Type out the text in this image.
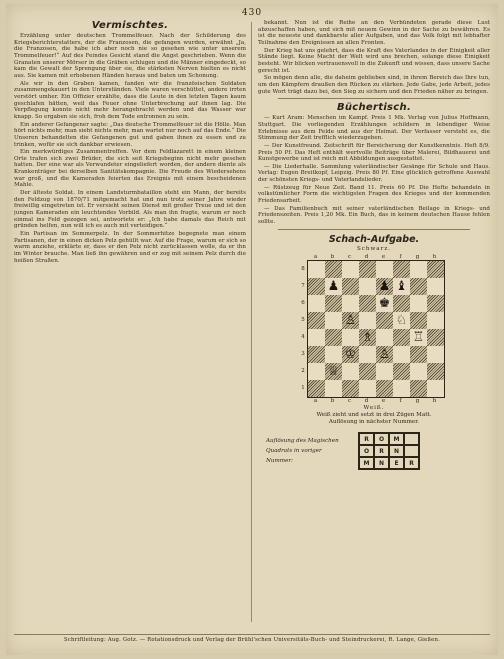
430
Vermischtes.

Erzählung unter deutschen Trommelfeuer. Nach der Schilderung des Kriegsberichterstatters, der die Franzosen, die gefangen wurden, erwähnt „Ja, die Franzosen, die habe ich aber noch nie so gesehen wie unter unserem Trommelfeuer!“ Auf des Feindes Gesicht stand die Angst geschrieben. Wenn die Granaten unserer Mörser in die Gräben schlugen und die Männer eingedeckt, so kam die Gewalt der Sprengung über sie, die stärksten Nerven hielten es nicht aus. Sie kamen mit erhobenen Händen heraus und baten um Schonung.

Als wir in den Graben kamen, fanden wir die französischen Soldaten zusammengekauert in den Unterständen. Viele waren verschüttet, andere irrten verstört umher. Ein Offizier erzählte, dass die Leute in den letzten Tagen kaum geschlafen hätten, weil das Feuer ohne Unterbrechung auf ihnen lag. Die Verpflegung konnte nicht mehr herangebracht werden und das Wasser war knapp. So ergaben sie sich, froh dem Tode entronnen zu sein.

Ein anderer Gefangener sagte: „Das deutsche Trommelfeuer ist die Hölle. Man hört nichts mehr, man sieht nichts mehr, man wartet nur noch auf das Ende.“ Die Unseren behandelten die Gefangenen gut und gaben ihnen zu essen und zu trinken, wofür sie sich dankbar erwiesen.

Ein merkwürdiges Zusammentreffen. Vor dem Feldlazarett in einem kleinen Orte trafen sich zwei Brüder, die sich seit Kriegsbeginn nicht mehr gesehen hatten. Der eine war als Verwundeter eingeliefert worden, der andere diente als Krankenträger bei derselben Sanitätskompagnie. Die Freude des Wiedersehens war groß, und die Kameraden feierten das Ereignis mit einem bescheidenen Mahle.

Der älteste Soldat. In einem Landsturmbataillon steht ein Mann, der bereits den Feldzug von 1870/71 mitgemacht hat und nun trotz seiner Jahre wieder freiwillig eingetreten ist. Er versieht seinen Dienst mit großer Treue und ist den jungen Kameraden ein leuchtendes Vorbild. Als man ihn fragte, warum er noch einmal ins Feld gezogen sei, antwortete er: „Ich habe damals das Reich mit gründen helfen, nun will ich es auch mit verteidigen.“

Ein Partisan im Sommerpelz. In der Sommerhitze begegnete man einem Partisanen, der in einen dicken Pelz gehüllt war. Auf die Frage, warum er sich so warm anziehe, erklärte er, dass er den Pelz nicht zurücklassen wolle, da er ihn im Winter brauche. Man ließ ihn gewähren und er zog mit seinem Pelz durch die heißen Straßen.

bekannt. Nun ist die Reihe an den Verbündeten gerade diese Lust abzuschaffen haben, und sich mit neuem Gewinn in der Sache zu bewähren. Es ist die neueste und dankbarste aller Aufgaben, und das Volk folgt mit lebhafter Teilnahme den Ereignissen an allen Fronten.

Der Krieg hat uns gelehrt, dass die Kraft des Vaterlandes in der Einigkeit aller Stände liegt. Keine Macht der Welt wird uns brechen, solange diese Einigkeit besteht. Wir blicken vertrauensvoll in die Zukunft und wissen, dass unsere Sache gerecht ist.

So mögen denn alle, die daheim geblieben sind, in ihrem Bereich das Ihre tun, um den Kämpfern draußen den Rücken zu stärken. Jede Gabe, jede Arbeit, jedes gute Wort trägt dazu bei, den Sieg zu sichern und den Frieden näher zu bringen.

Büchertisch.

— Kurt Aram: Menschen im Kampf. Preis 1 Mk. Verlag von Julius Hoffmann, Stuttgart. Die vorliegenden Erzählungen schildern in lebendiger Weise Erlebnisse aus dem Felde und aus der Heimat. Der Verfasser versteht es, die Stimmung der Zeit trefflich wiederzugeben.

— Der Kunstfreund. Zeitschrift für Bereicherung der Kunstkenntnis. Heft 8/9. Preis 50 Pf. Das Heft enthält wertvolle Beiträge über Malerei, Bildhauerei und Kunstgewerbe und ist reich mit Abbildungen ausgestattet.

— Die Liederhalle. Sammlung vaterländischer Gesänge für Schule und Haus. Verlag: Eugen Breitkopf, Leipzig. Preis 80 Pf. Eine glücklich getroffene Auswahl der schönsten Kriegs- und Vaterlandslieder.

— Rüstzeug für Neue Zeit. Band 11. Preis 60 Pf. Die Hefte behandeln in volkstümlicher Form die wichtigsten Fragen des Krieges und der kommenden Friedensarbeit.

— Das Familienbuch mit seiner vaterländischen Beilage in Kriegs- und Friedenszeiten. Preis 1,20 Mk. Ein Buch, das in keinem deutschen Hause fehlen sollte.

Schach-Aufgabe.
Schwarz.
a	b	c	d	e	f	g	h
8
7
6
5
4
3
2
1
♟	♟ ♝
♚
♙	♘
♗	♖
♔ ♙
♕
a	b	c	d	e	f	g	h
Weiß.
Weiß zieht und setzt in drei Zügen Matt.
Auflösung in nächster Nummer.
Auflösung des Magischen
Quadrats in voriger
Nummer:
R	O	M
O	R	N
M	N	E	R
Schriftleitung: Aug. Gotz. — Rotationsdruck und Verlag der Brühl'schen Universitäts-Buch- und Steindruckerei, R. Lange, Gießen.
